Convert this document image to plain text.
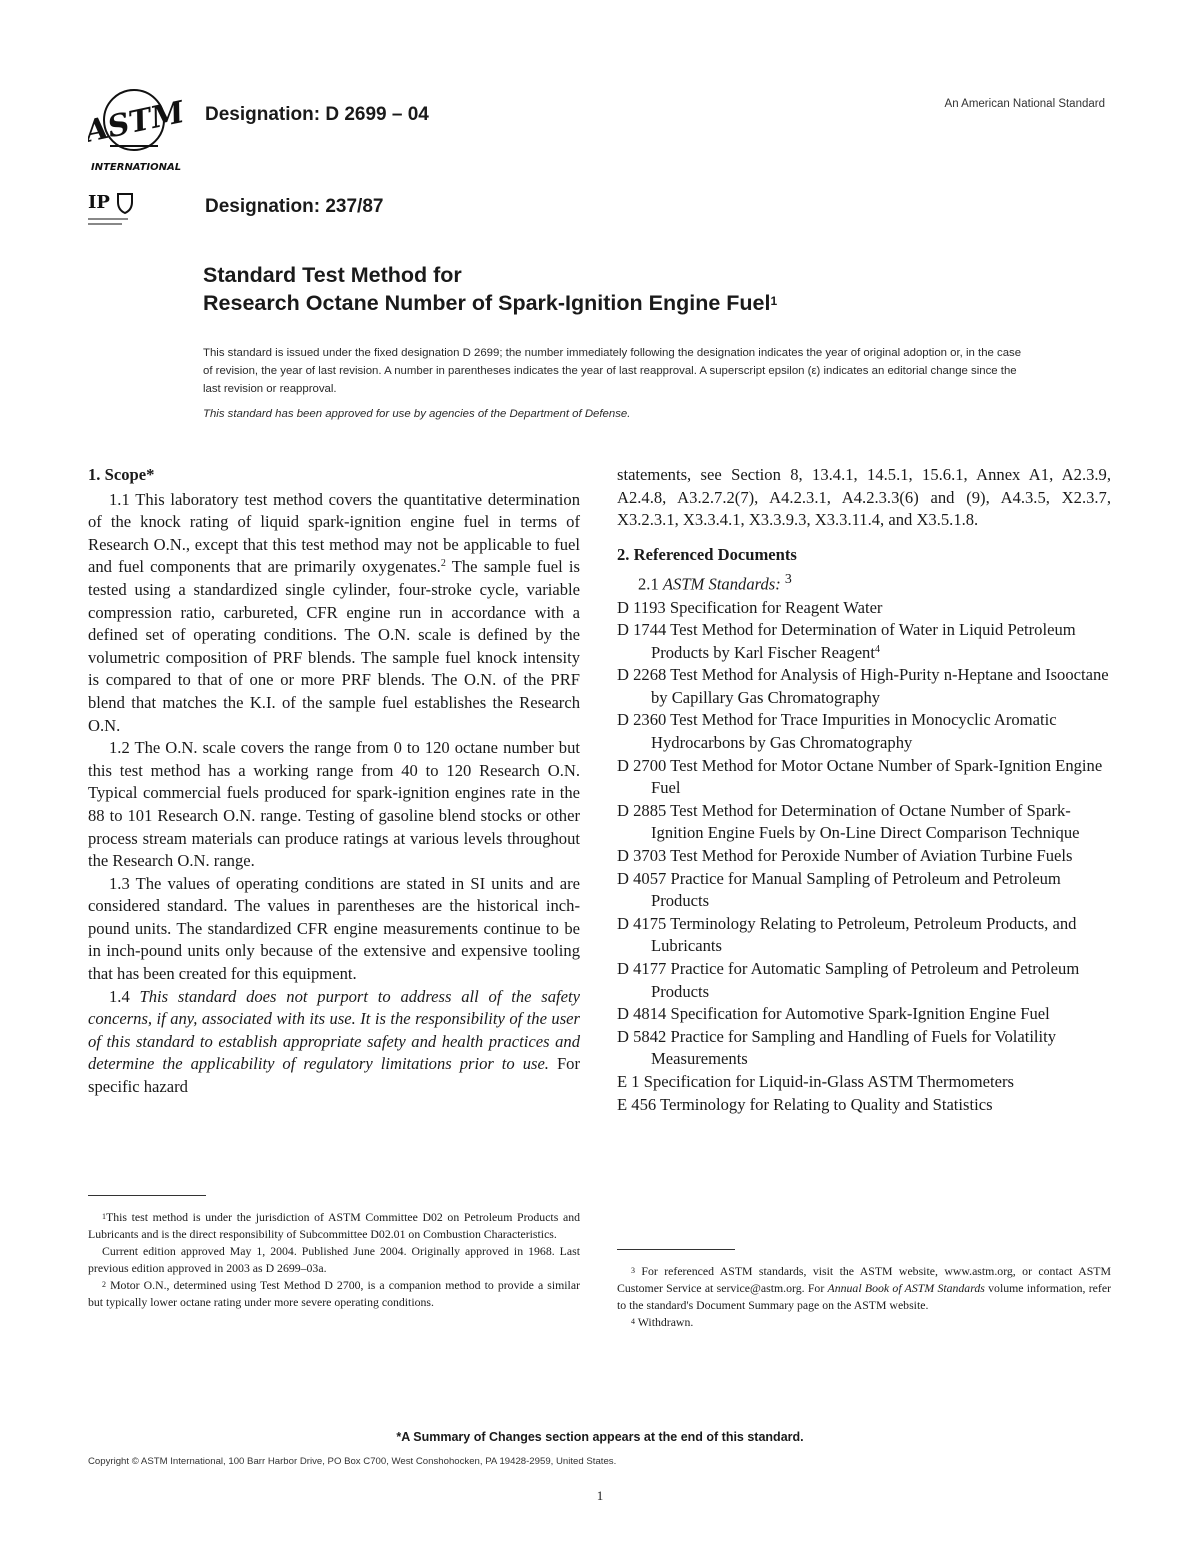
ASTM
INTERNATIONAL
IP
Designation: D 2699 – 04
Designation: 237/87
An American National Standard
Standard Test Method for
Research Octane Number of Spark-Ignition Engine Fuel$^1$
This standard is issued under the fixed designation D 2699; the number immediately following the designation indicates the year of original adoption or, in the case of revision, the year of last revision. A number in parentheses indicates the year of last reapproval. A superscript epsilon (ε) indicates an editorial change since the last revision or reapproval.
This standard has been approved for use by agencies of the Department of Defense.
1. Scope*

1.1 This laboratory test method covers the quantitative determination of the knock rating of liquid spark-ignition engine fuel in terms of Research O.N., except that this test method may not be applicable to fuel and fuel components that are primarily oxygenates.$^2$ The sample fuel is tested using a standardized single cylinder, four-stroke cycle, variable compression ratio, carbureted, CFR engine run in accordance with a defined set of operating conditions. The O.N. scale is defined by the volumetric composition of PRF blends. The sample fuel knock intensity is compared to that of one or more PRF blends. The O.N. of the PRF blend that matches the K.I. of the sample fuel establishes the Research O.N.

1.2 The O.N. scale covers the range from 0 to 120 octane number but this test method has a working range from 40 to 120 Research O.N. Typical commercial fuels produced for spark-ignition engines rate in the 88 to 101 Research O.N. range. Testing of gasoline blend stocks or other process stream materials can produce ratings at various levels throughout the Research O.N. range.

1.3 The values of operating conditions are stated in SI units and are considered standard. The values in parentheses are the historical inch-pound units. The standardized CFR engine measurements continue to be in inch-pound units only because of the extensive and expensive tooling that has been created for this equipment.

1.4 This standard does not purport to address all of the safety concerns, if any, associated with its use. It is the responsibility of the user of this standard to establish appropriate safety and health practices and determine the applicability of regulatory limitations prior to use. For specific hazard

statements, see Section 8, 13.4.1, 14.5.1, 15.6.1, Annex A1, A2.3.9, A2.4.8, A3.2.7.2(7), A4.2.3.1, A4.2.3.3(6) and (9), A4.3.5, X2.3.7, X3.2.3.1, X3.3.4.1, X3.3.9.3, X3.3.11.4, and X3.5.1.8.

2. Referenced Documents

2.1 ASTM Standards: $^3$

D 1193 Specification for Reagent Water

D 1744 Test Method for Determination of Water in Liquid Petroleum Products by Karl Fischer Reagent$^4$

D 2268 Test Method for Analysis of High-Purity n-Heptane and Isooctane by Capillary Gas Chromatography

D 2360 Test Method for Trace Impurities in Monocyclic Aromatic Hydrocarbons by Gas Chromatography

D 2700 Test Method for Motor Octane Number of Spark-Ignition Engine Fuel

D 2885 Test Method for Determination of Octane Number of Spark-Ignition Engine Fuels by On-Line Direct Comparison Technique

D 3703 Test Method for Peroxide Number of Aviation Turbine Fuels

D 4057 Practice for Manual Sampling of Petroleum and Petroleum Products

D 4175 Terminology Relating to Petroleum, Petroleum Products, and Lubricants

D 4177 Practice for Automatic Sampling of Petroleum and Petroleum Products

D 4814 Specification for Automotive Spark-Ignition Engine Fuel

D 5842 Practice for Sampling and Handling of Fuels for Volatility Measurements

E 1 Specification for Liquid-in-Glass ASTM Thermometers

E 456 Terminology for Relating to Quality and Statistics

$^1$This test method is under the jurisdiction of ASTM Committee D02 on Petroleum Products and Lubricants and is the direct responsibility of Subcommittee D02.01 on Combustion Characteristics.

Current edition approved May 1, 2004. Published June 2004. Originally approved in 1968. Last previous edition approved in 2003 as D 2699–03a.

$^2$ Motor O.N., determined using Test Method D 2700, is a companion method to provide a similar but typically lower octane rating under more severe operating conditions.

$^3$ For referenced ASTM standards, visit the ASTM website, www.astm.org, or contact ASTM Customer Service at service@astm.org. For Annual Book of ASTM Standards volume information, refer to the standard's Document Summary page on the ASTM website.

$^4$ Withdrawn.

*A Summary of Changes section appears at the end of this standard.
Copyright © ASTM International, 100 Barr Harbor Drive, PO Box C700, West Conshohocken, PA 19428-2959, United States.
1
